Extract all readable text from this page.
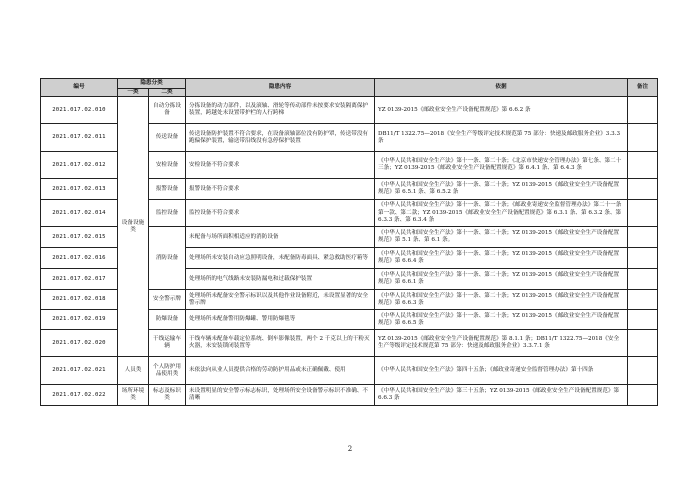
编号	隐患分类		隐患内容	依据	备注
	一类	二类			
2021.017.02.010	设备设施类	自动分拣设备	分拣设备的动力部件，以及滚轴、滑轮等传动部件未按要求安装隔离保护装置，跨越处未设置带护栏的人行跨梯	YZ 0139-2015《邮政业安全生产设备配置规范》第 6.6.2 条	
2021.017.02.011		传送设备	传送设备防护装置不符合要求，在设备滚轴部位没有防护罩，传送带没有跑偏保护装置，输送带沿线没有急停保护装置	DB11/T 1322.75—2018《安全生产等级评定技术规范第 75 部分：快递及邮政服务企业》3.3.3 条	
2021.017.02.012		安检设备	安检设备不符合要求	《中华人民共和国安全生产法》第十一条、第二十条；《北京市快递安全管理办法》第七条、第二十三条；YZ 0139-2015《邮政业安全生产设备配置规范》第 6.4.1 条、第 6.4.3 条	
2021.017.02.013		报警设备	报警设备不符合要求	《中华人民共和国安全生产法》第十一条、第二十条；YZ 0139-2015《邮政业安全生产设备配置规范》第 6.5.1 条、第 6.5.2 条	
2021.017.02.014		监控设备	监控设备不符合要求	《中华人民共和国安全生产法》第十一条、第二十条；《邮政业寄递安全监督管理办法》第二十一条第一款、第二款；YZ 0139-2015《邮政业安全生产设备配置规范》第 6.3.1 条、第 6.3.2 条、第 6.3.3 条、第 6.3.4 条	
2021.017.02.015		消防设备	未配备与场所面积相适应的消防设备	《中华人民共和国安全生产法》第十一条、第二十条；YZ 0139-2015《邮政业安全生产设备配置规范》第 5.1 条、第 6.1 条。	
2021.017.02.016			处理场所未安装自动应急照明设备，未配备防毒面具、紧急救助医疗箱等	《中华人民共和国安全生产法》第十一条、第二十条；YZ 0139-2015《邮政业安全生产设备配置规范》第 6.6.4 条	
2021.017.02.017			处理场所的电气线路未安装防漏电和过载保护装置	《中华人民共和国安全生产法》第十一条、第二十条；YZ 0139-2015《邮政业安全生产设备配置规范》第 6.6.1 条	
2021.017.02.018		安全警示牌	处理场所未配备安全警示标识以及其他作业设备附近，未设置显著的安全警示牌	《中华人民共和国安全生产法》第十一条、第二十条；YZ 0139-2015《邮政业安全生产设备配置规范》第 6.6.3 条	
2021.017.02.019		防爆设备	处理场所未配备警用防爆罐、警用防爆毯等	《中华人民共和国安全生产法》第十一条、第二十条；YZ 0139-2015《邮政业安全生产设备配置规范》第 6.6.5 条	
2021.017.02.020		干线运输车辆	干线车辆未配备车载定位系统、倒车影像装置，两个 2 千克以上的干粉灭火器，未安装锁闭装置等	YZ 0139-2015《邮政业安全生产设备配置规范》第 8.1.1 条；DB11/T 1322.75—2018《安全生产等级评定技术规范第 75 部分：快递及邮政服务企业》3.3.7.1 条	
2021.017.02.021	人员类	个人防护用品使用类	未依法向从业人员提供合格的劳动防护用品或未正确佩戴、使用	《中华人民共和国安全生产法》第四十五条；《邮政业寄递安全监督管理办法》第十四条	
2021.017.02.022	场所环境类	标志及标识类	未设置明显的安全警示标志标识，处理场所安全设备警示标识不准确、不清晰	《中华人民共和国安全生产法》第三十五条；YZ 0139-2015《邮政业安全生产设备配置规范》第 6.6.3 条	
2
